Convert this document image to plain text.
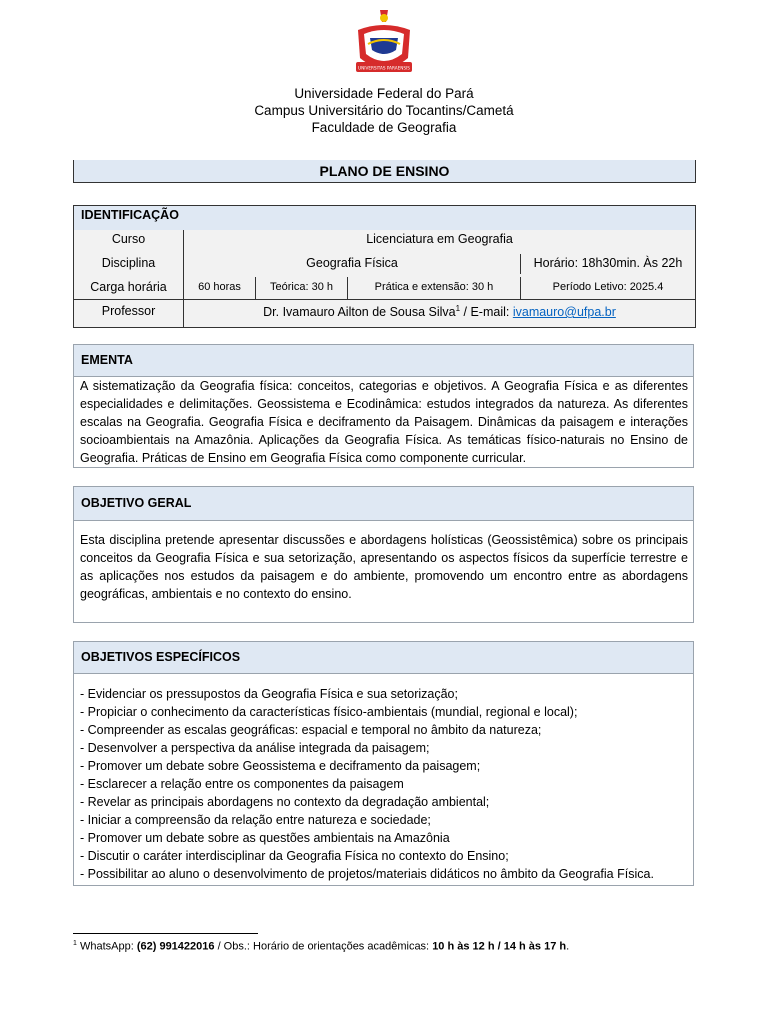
UNIVERSITAS PARAENSIS
Universidade Federal do Pará
Campus Universitário do Tocantins/Cametá
Faculdade de Geografia
PLANO DE ENSINO
IDENTIFICAÇÃO
Curso	Licenciatura em Geografia
Disciplina	Geografia Física	Horário: 18h30min. Às 22h
Carga horária	60 horas	Teórica: 30 h	Prática e extensão: 30 h	Período Letivo: 2025.4
Professor	Dr. Ivamauro Ailton de Sousa Silva$^1$ / E-mail: ivamauro@ufpa.br
EMENTA
A sistematização da Geografia física: conceitos, categorias e objetivos. A Geografia Física e as diferentes especialidades e delimitações. Geossistema e Ecodinâmica: estudos integrados da natureza. As diferentes escalas na Geografia. Geografia Física e deciframento da Paisagem. Dinâmicas da paisagem e interações socioambientais na Amazônia. Aplicações da Geografia Física. As temáticas físico-naturais no Ensino de Geografia. Práticas de Ensino em Geografia Física como componente curricular.
OBJETIVO GERAL
Esta disciplina pretende apresentar discussões e abordagens holísticas (Geossistêmica) sobre os principais conceitos da Geografia Física e sua setorização, apresentando os aspectos físicos da superfície terrestre e as aplicações nos estudos da paisagem e do ambiente, promovendo um encontro entre as abordagens geográficas, ambientais e no contexto do ensino.
OBJETIVOS ESPECÍFICOS
- Evidenciar os pressupostos da Geografia Física e sua setorização;
- Propiciar o conhecimento da características físico-ambientais (mundial, regional e local);
- Compreender as escalas geográficas: espacial e temporal no âmbito da natureza;
- Desenvolver a perspectiva da análise integrada da paisagem;
- Promover um debate sobre Geossistema e deciframento da paisagem;
- Esclarecer a relação entre os componentes da paisagem
- Revelar as principais abordagens no contexto da degradação ambiental;
- Iniciar a compreensão da relação entre natureza e sociedade;
- Promover um debate sobre as questões ambientais na Amazônia
- Discutir o caráter interdisciplinar da Geografia Física no contexto do Ensino;
- Possibilitar ao aluno o desenvolvimento de projetos/materiais didáticos no âmbito da Geografia Física.
$^1$ WhatsApp: (62) 991422016 / Obs.: Horário de orientações acadêmicas: 10 h às 12 h / 14 h às 17 h.
